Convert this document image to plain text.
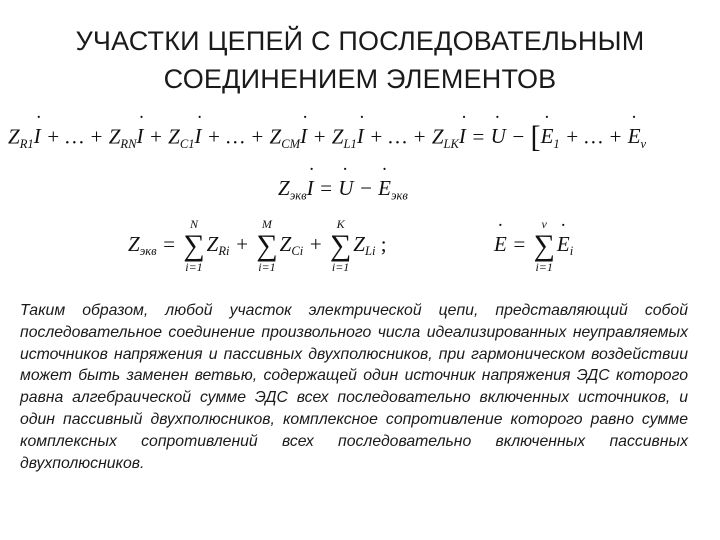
УЧАСТКИ ЦЕПЕЙ С ПОСЛЕДОВАТЕЛЬНЫМ
СОЕДИНЕНИЕМ ЭЛЕМЕНТОВ
$Z_{R1}˙$ I + … + $Z_{RN}˙$ $I + Z_{C1}˙$ I + … + $Z_{CM}˙$ $I + Z_{L1}˙$ I + … + $Z_{LK}˙$ I = ˙ U − [˙ $E_1$ + … + ˙ $E_\nu$
$Z_{экв}˙$ I = ˙ U − ˙ $E_{экв}$
$Z_{экв}$ =
N
∑
i=1
$Z_{Ri}$ +
M
∑
i=1
$Z_{Ci}$ +
K
∑
i=1
$Z_{Li}$ ;
˙	E =
ν
∑
i=1
˙ $E_i$
Таким образом, любой участок электрической цепи, представляющий собой последовательное соединение произвольного числа идеализированных неуправляемых источников напряжения и пассивных двухполюсников, при гармоническом воздействии может быть заменен ветвью, содержащей один источник напряжения ЭДС которого равна алгебраической сумме ЭДС всех последовательно включенных источников, и один пассивный двухполюсников, комплексное сопротивление которого равно сумме комплексных сопротивлений всех последовательно включенных пассивных двухполюсников.
